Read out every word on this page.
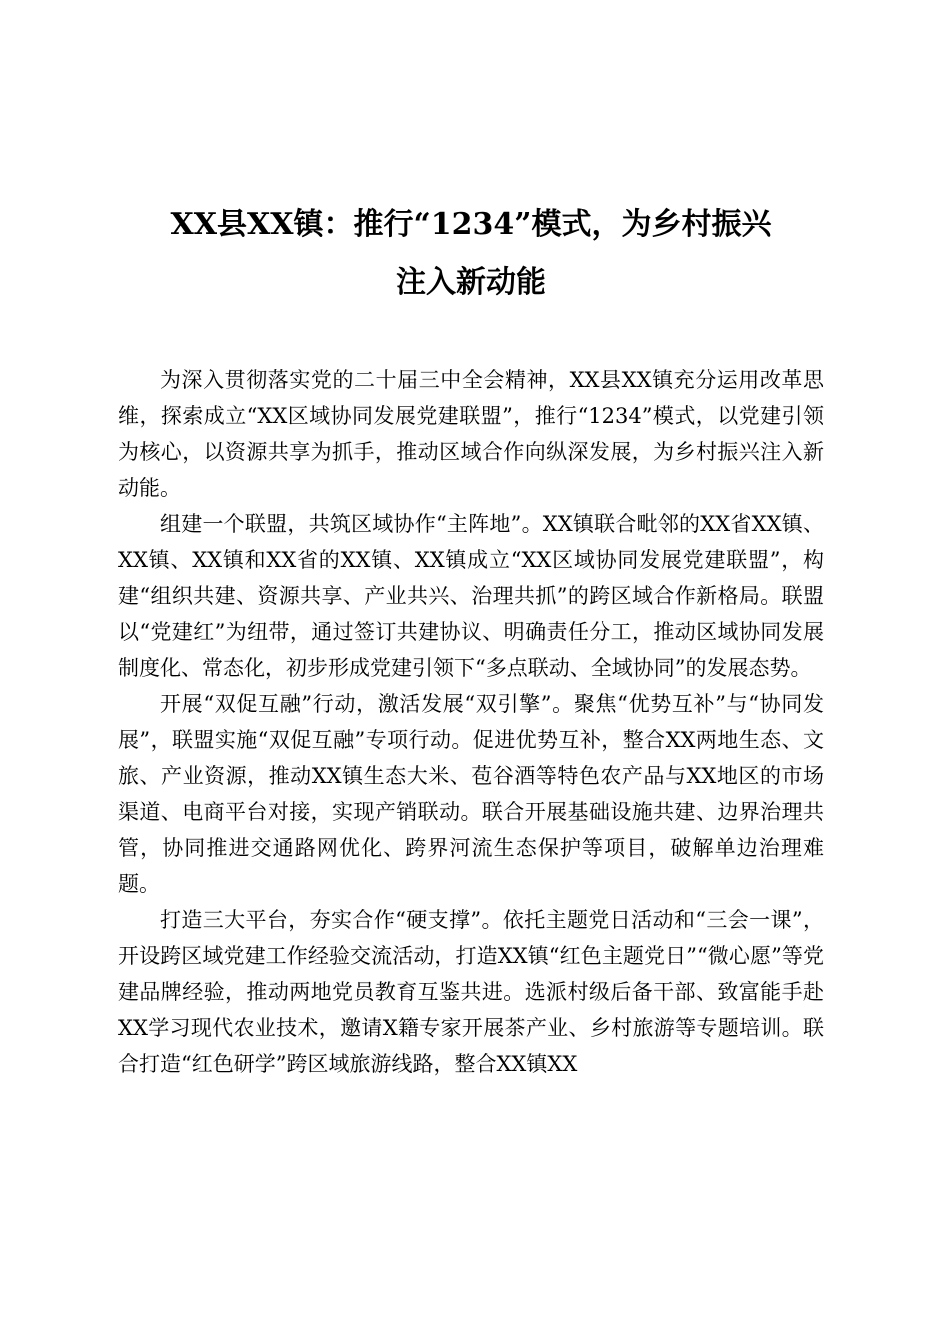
XX县XX镇：推行“1234”模式，为乡村振兴
注入新动能

为深入贯彻落实党的二十届三中全会精神，XX县XX镇充分运用改革思维，探索成立“XX区域协同发展党建联盟”，推行“1234”模式，以党建引领为核心，以资源共享为抓手，推动区域合作向纵深发展，为乡村振兴注入新动能。

组建一个联盟，共筑区域协作“主阵地”。XX镇联合毗邻的XX省XX镇、XX镇、XX镇和XX省的XX镇、XX镇成立“XX区域协同发展党建联盟”，构建“组织共建、资源共享、产业共兴、治理共抓”的跨区域合作新格局。联盟以“党建红”为纽带，通过签订共建协议、明确责任分工，推动区域协同发展制度化、常态化，初步形成党建引领下“多点联动、全域协同”的发展态势。

开展“双促互融”行动，激活发展“双引擎”。聚焦“优势互补”与“协同发展”，联盟实施“双促互融”专项行动。促进优势互补，整合XX两地生态、文旅、产业资源，推动XX镇生态大米、苞谷酒等特色农产品与XX地区的市场渠道、电商平台对接，实现产销联动。联合开展基础设施共建、边界治理共管，协同推进交通路网优化、跨界河流生态保护等项目，破解单边治理难题。

打造三大平台，夯实合作“硬支撑”。依托主题党日活动和“三会一课”，开设跨区域党建工作经验交流活动，打造XX镇“红色主题党日”“微心愿”等党建品牌经验，推动两地党员教育互鉴共进。选派村级后备干部、致富能手赴XX学习现代农业技术，邀请X籍专家开展茶产业、乡村旅游等专题培训。联合打造“红色研学”跨区域旅游线路，整合XX镇XX
